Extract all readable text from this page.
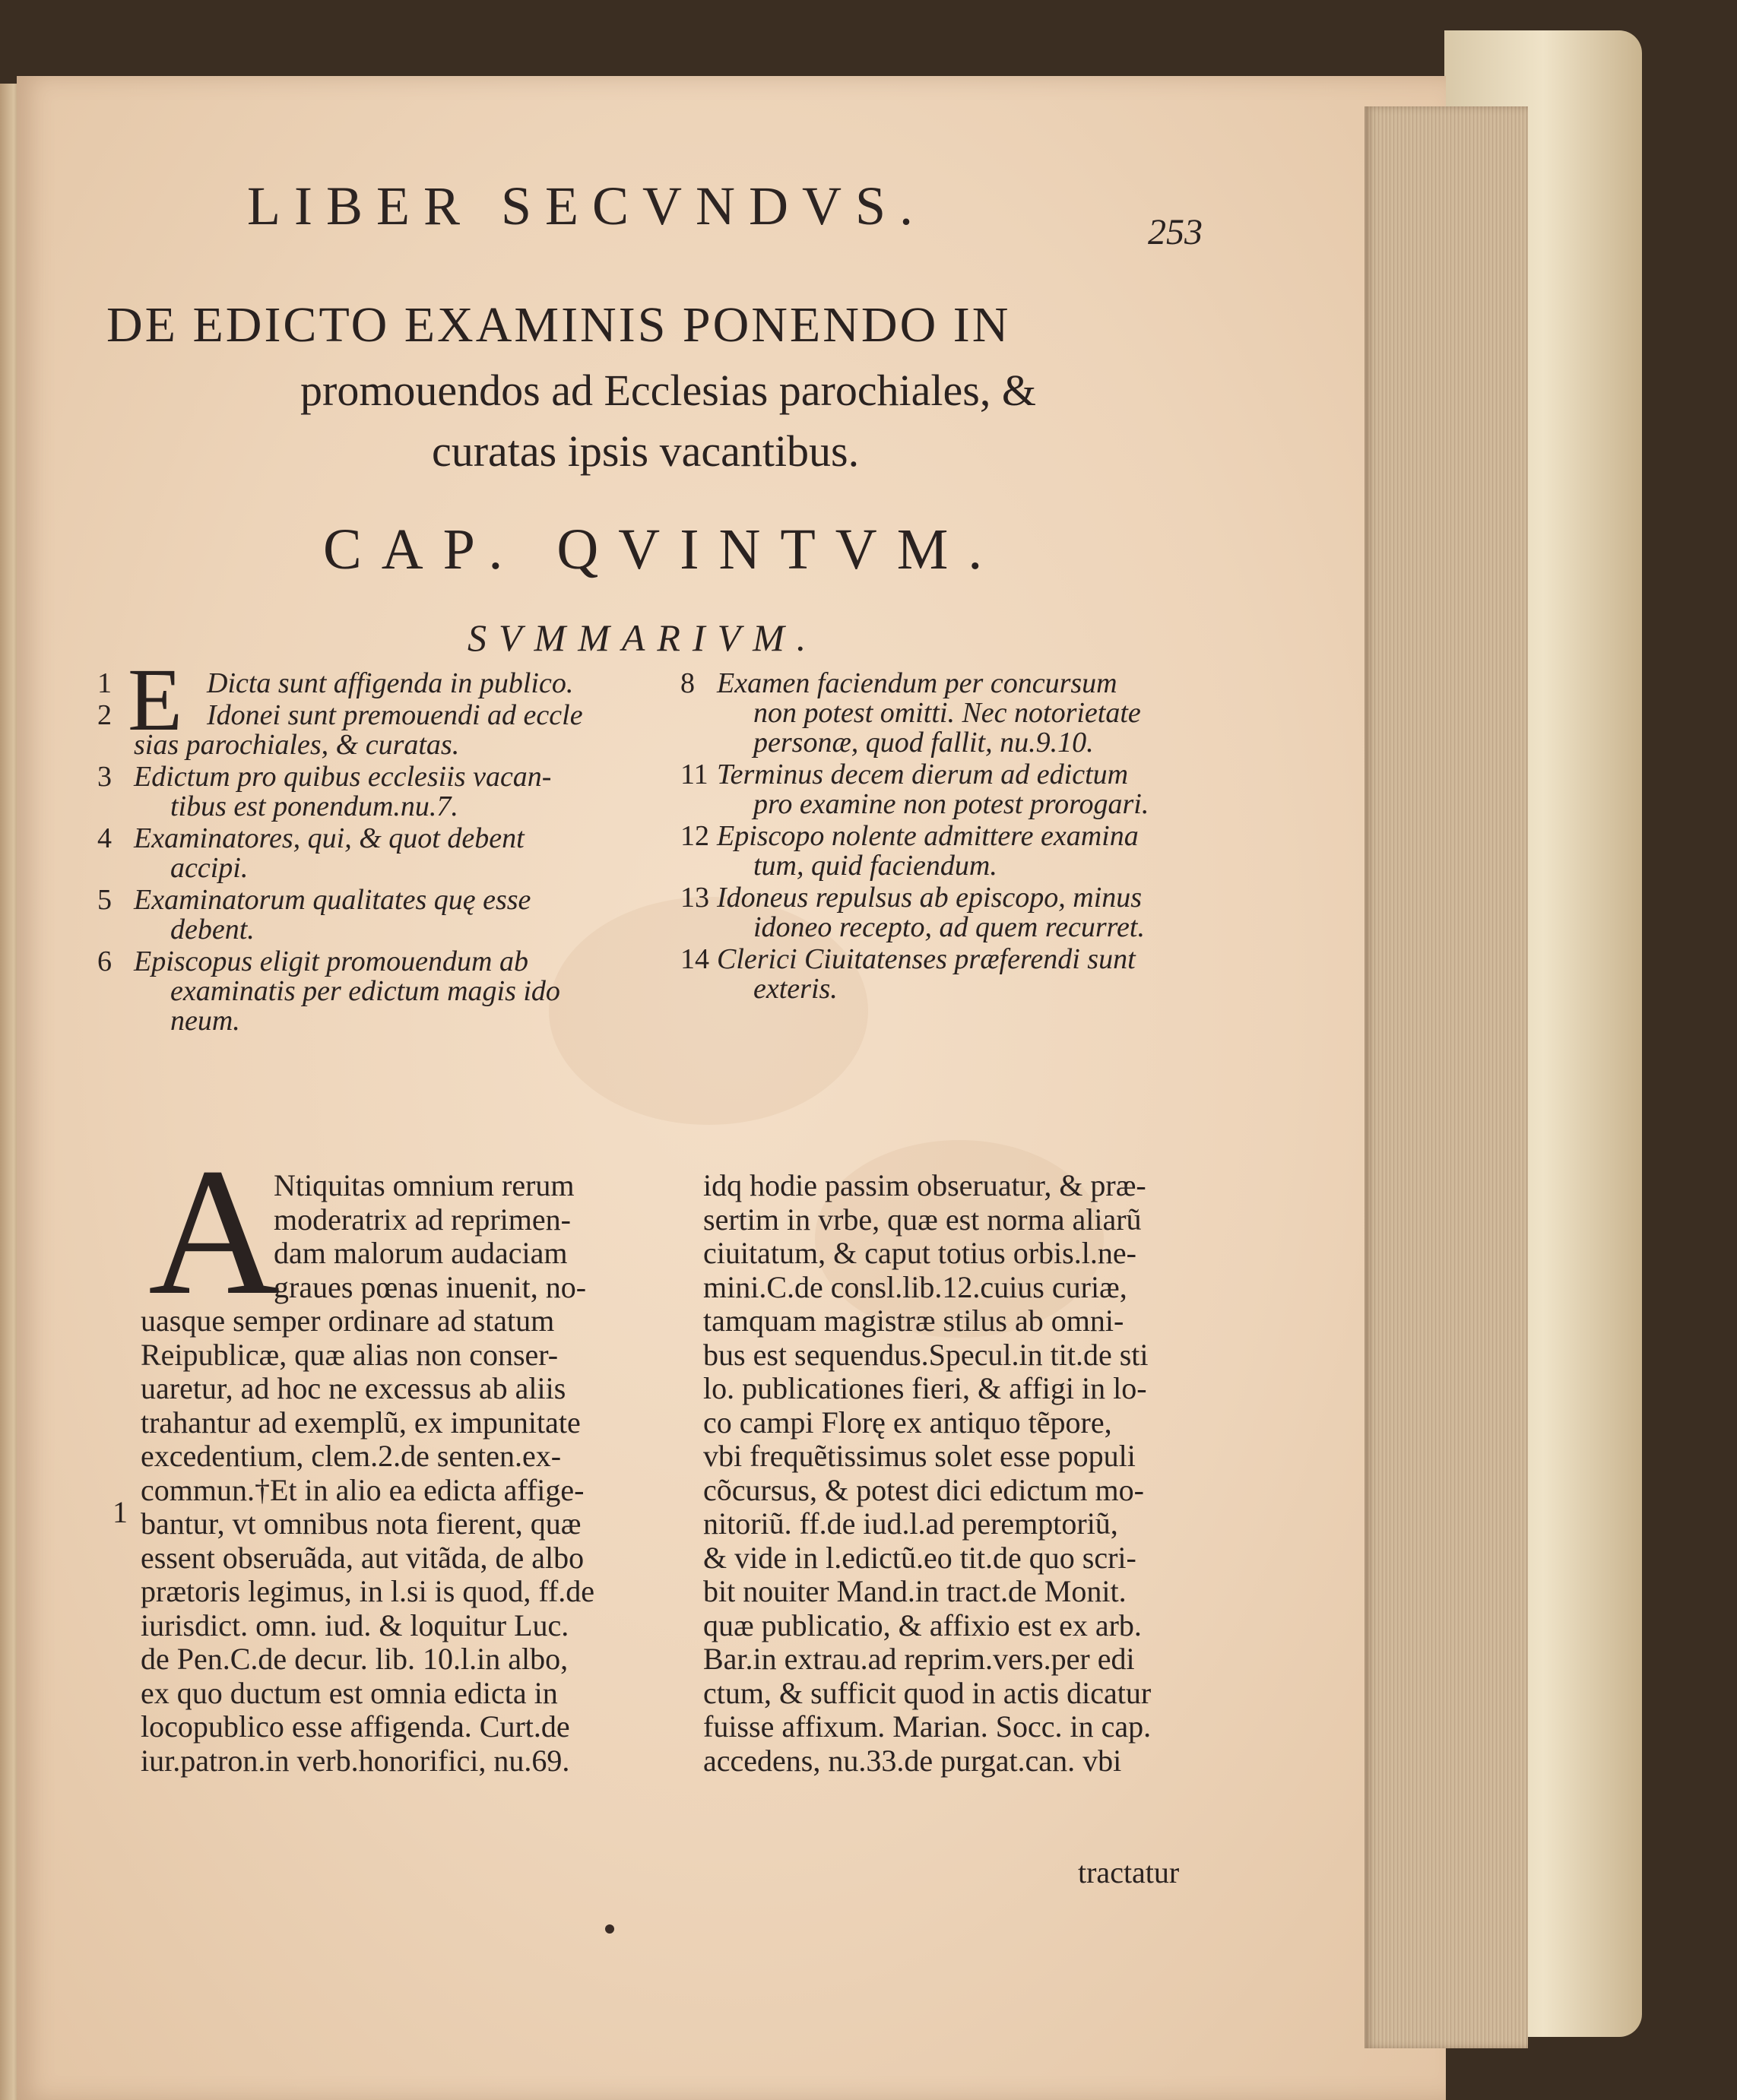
LIBER SECVNDVS.	253
DE EDICTO EXAMINIS PONENDO IN
promouendos ad Ecclesias parochiales, &
curatas ipsis vacantibus.
CAP. QVINTVM.
SVMMARIVM.
E
1	Dicta sunt affigenda in publico.
2	Idonei sunt premouendi ad eccle
sias parochiales, & curatas.
3 Edictum pro quibus ecclesiis vacan-
tibus est ponendum.nu.7.
4 Examinatores, qui, & quot debent
accipi.
5 Examinatorum qualitates quę esse
debent.
6 Episcopus eligit promouendum ab
examinatis per edictum magis ido
neum.
8 Examen faciendum per concursum
non potest omitti. Nec notorietate
personæ, quod fallit, nu.9.10.
11 Terminus decem dierum ad edictum
pro examine non potest prorogari.
12 Episcopo nolente admittere examina
tum, quid faciendum.
13 Idoneus repulsus ab episcopo, minus
idoneo recepto, ad quem recurret.
14 Clerici Ciuitatenses præferendi sunt
exteris.
A
1
Ntiquitas omnium rerum
moderatrix ad reprimen-
dam malorum audaciam
graues pœnas inuenit, no-
uasque semper ordinare ad statum
Reipublicæ, quæ alias non conser-
uaretur, ad hoc ne excessus ab aliis
trahantur ad exemplũ, ex impunitate
excedentium, clem.2.de senten.ex-
commun.†Et in alio ea edicta affige-
bantur, vt omnibus nota fierent, quæ
essent obseruãda, aut vitãda, de albo
prætoris legimus, in l.si is quod, ff.de
iurisdict. omn. iud. & loquitur Luc.
de Pen.C.de decur. lib. 10.l.in albo,
ex quo ductum est omnia edicta in
locopublico esse affigenda. Curt.de
iur.patron.in verb.honorifici, nu.69.
idq hodie passim obseruatur, & præ-
sertim in vrbe, quæ est norma aliarũ
ciuitatum, & caput totius orbis.l.ne-
mini.C.de consl.lib.12.cuius curiæ,
tamquam magistræ stilus ab omni-
bus est sequendus.Specul.in tit.de sti
lo. publicationes fieri, & affigi in lo-
co campi Florę ex antiquo tẽpore,
vbi frequẽtissimus solet esse populi
cõcursus, & potest dici edictum mo-
nitoriũ. ff.de iud.l.ad peremptoriũ,
& vide in l.edictũ.eo tit.de quo scri-
bit nouiter Mand.in tract.de Monit.
quæ publicatio, & affixio est ex arb.
Bar.in extrau.ad reprim.vers.per edi
ctum, & sufficit quod in actis dicatur
fuisse affixum. Marian. Socc. in cap.
accedens, nu.33.de purgat.can. vbi
tractatur
